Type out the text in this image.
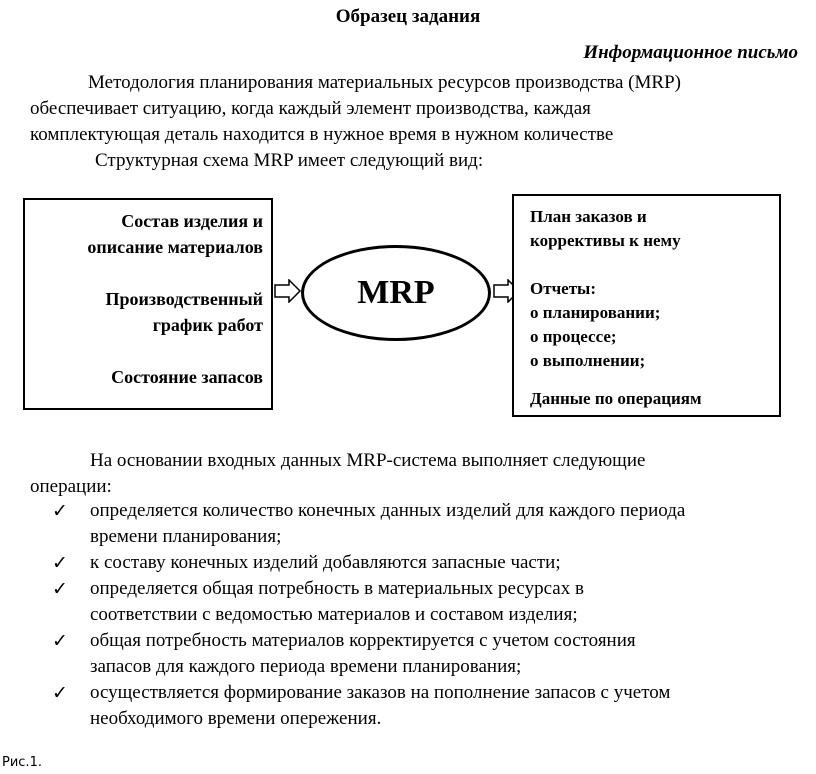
Образец задания
Информационное письмо
Методология планирования материальных ресурсов производства (MRP)
обеспечивает ситуацию, когда каждый элемент производства, каждая
комплектующая деталь находится в нужное время в нужном количестве
Структурная схема MRP имеет следующий вид:
Состав изделия и
описание материалов
Производственный
график работ
Состояние запасов
MRP
План заказов и
коррективы к нему
Отчеты:
о планировании;
о процессе;
о выполнении;
Данные по операциям
На основании входных данных MRP-система выполняет следующие
операции:
✓ определяется количество конечных данных изделий для каждого периода
времени планирования;
✓ к составу конечных изделий добавляются запасные части;
✓ определяется общая потребность в материальных ресурсах в
соответствии с ведомостью материалов и составом изделия;
✓ общая потребность материалов корректируется с учетом состояния
запасов для каждого периода времени планирования;
✓ осуществляется формирование заказов на пополнение запасов с учетом
необходимого времени опережения.
Рис.1.
